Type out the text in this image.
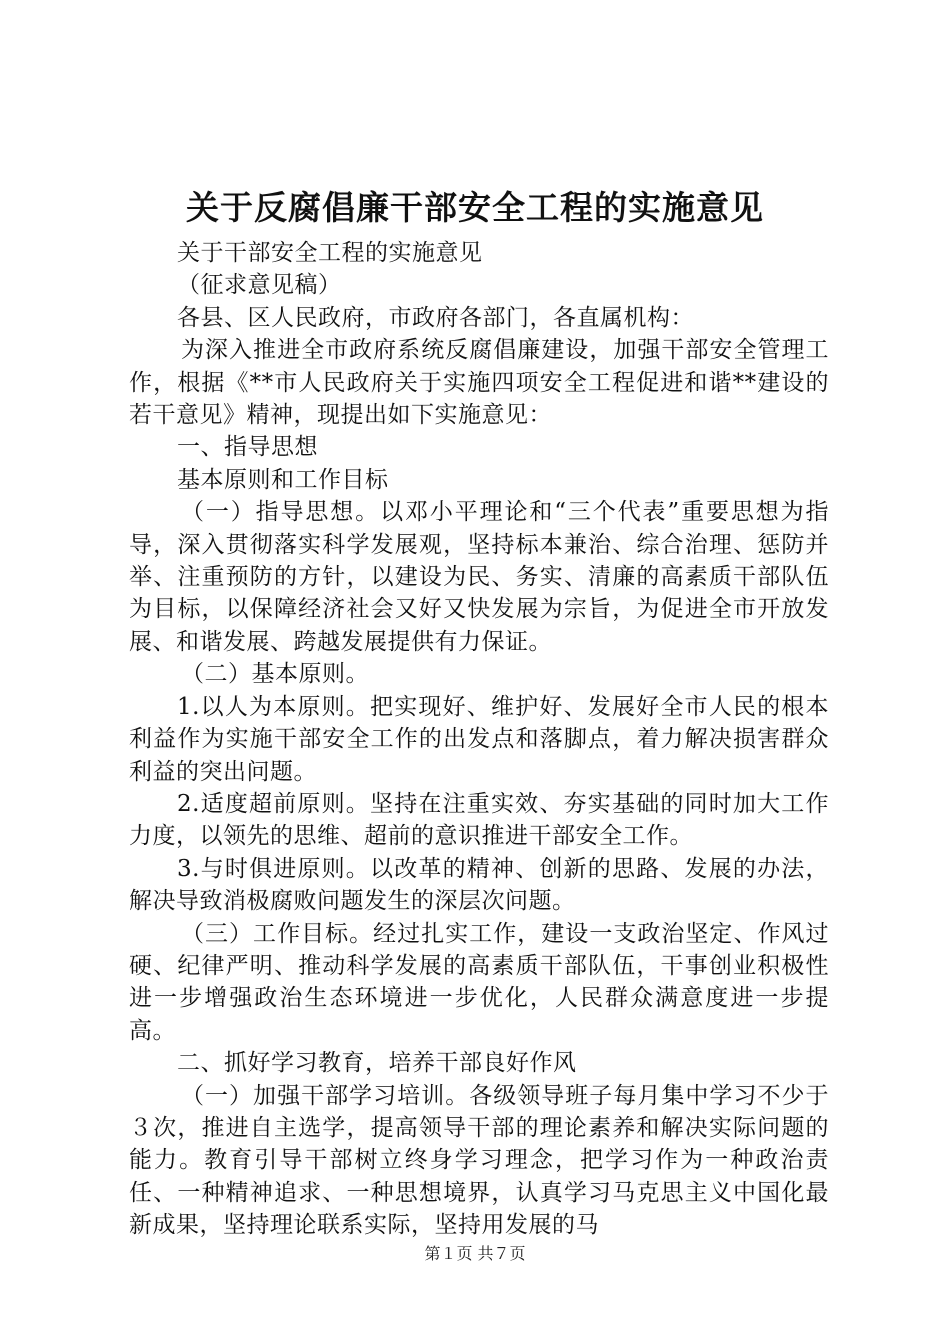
关于反腐倡廉干部安全工程的实施意见

关于干部安全工程的实施意见

（征求意见稿）

各县、区人民政府，市政府各部门，各直属机构：

为深入推进全市政府系统反腐倡廉建设，加强干部安全管理工作，根据《**市人民政府关于实施四项安全工程促进和谐**建设的若干意见》精神，现提出如下实施意见：

一、指导思想

基本原则和工作目标

（一）指导思想。以邓小平理论和“三个代表”重要思想为指导，深入贯彻落实科学发展观，坚持标本兼治、综合治理、惩防并举、注重预防的方针，以建设为民、务实、清廉的高素质干部队伍为目标，以保障经济社会又好又快发展为宗旨，为促进全市开放发展、和谐发展、跨越发展提供有力保证。

（二）基本原则。

1.以人为本原则。把实现好、维护好、发展好全市人民的根本利益作为实施干部安全工作的出发点和落脚点，着力解决损害群众利益的突出问题。

2.适度超前原则。坚持在注重实效、夯实基础的同时加大工作力度，以领先的思维、超前的意识推进干部安全工作。

3.与时俱进原则。以改革的精神、创新的思路、发展的办法，解决导致消极腐败问题发生的深层次问题。

（三）工作目标。经过扎实工作，建设一支政治坚定、作风过硬、纪律严明、推动科学发展的高素质干部队伍，干事创业积极性进一步增强政治生态环境进一步优化，人民群众满意度进一步提高。

二、抓好学习教育，培养干部良好作风

（一）加强干部学习培训。各级领导班子每月集中学习不少于３次，推进自主选学，提高领导干部的理论素养和解决实际问题的能力。教育引导干部树立终身学习理念，把学习作为一种政治责任、一种精神追求、一种思想境界，认真学习马克思主义中国化最新成果，坚持理论联系实际，坚持用发展的马

第１页 共７页
